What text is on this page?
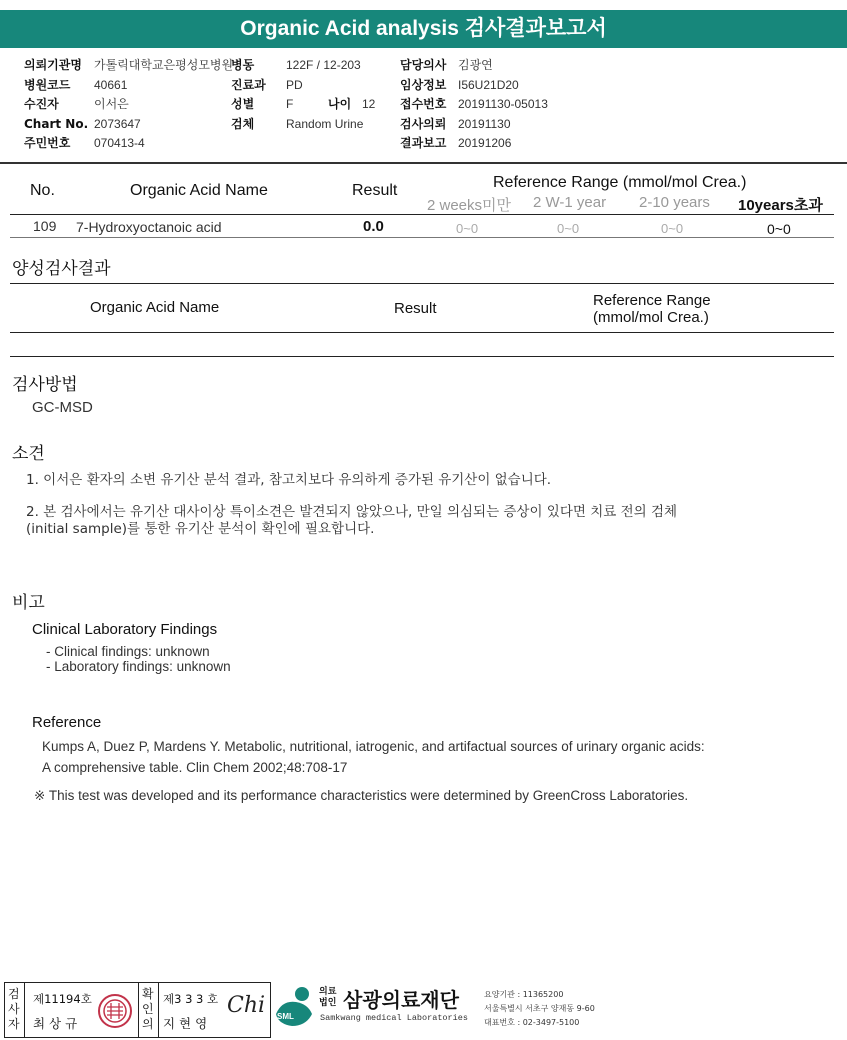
Organic Acid analysis 검사결과보고서
의뢰기관명 가톨릭대학교은평성모병원
병동	122F / 12-203	담당의사 김광연
병원코드 40661	진료과 PD	임상정보 I56U21D20
수진자	이서은	성별	F	나이 12 접수번호 20191130-05013
Chart No. 2073647	검체	Random Urine	검사의뢰 20191130
주민번호 070413-4	결과보고 20191206
No.	Organic Acid Name	Result	Reference Range (mmol/mol Crea.)
2 weeks미만 2 W-1 year 2-10 years 10years초과
109 7-Hydroxyoctanoic acid	0.0	0~0	0~0	0~0	0~0
양성검사결과
Organic Acid Name	Result	Reference Range
(mmol/mol Crea.)
검사방법
GC-MSD
소견
1. 이서은 환자의 소변 유기산 분석 결과, 참고치보다 유의하게 증가된 유기산이 없습니다.
2. 본 검사에서는 유기산 대사이상 특이소견은 발견되지 않았으나, 만일 의심되는 증상이 있다면 치료 전의 검체
(initial sample)를 통한 유기산 분석이 확인에 필요합니다.
비고
Clinical Laboratory Findings
- Clinical findings: unknown
- Laboratory findings: unknown
Reference
Kumps A, Duez P, Mardens Y. Metabolic, nutritional, iatrogenic, and artifactual sources of urinary organic acids:
A comprehensive table. Clin Chem 2002;48:708-17
※ This test was developed and its performance characteristics were determined by GreenCross Laboratories.
검사자
제11194호
최 상 규
확인의
제3 3 3 호
지 현 영
Chi SML
의료
법인 삼광의료재단
Samkwang medical Laboratories
요양기관 : 11365200
서울특별시 서초구 양재동 9-60
대표번호 : 02-3497-5100
